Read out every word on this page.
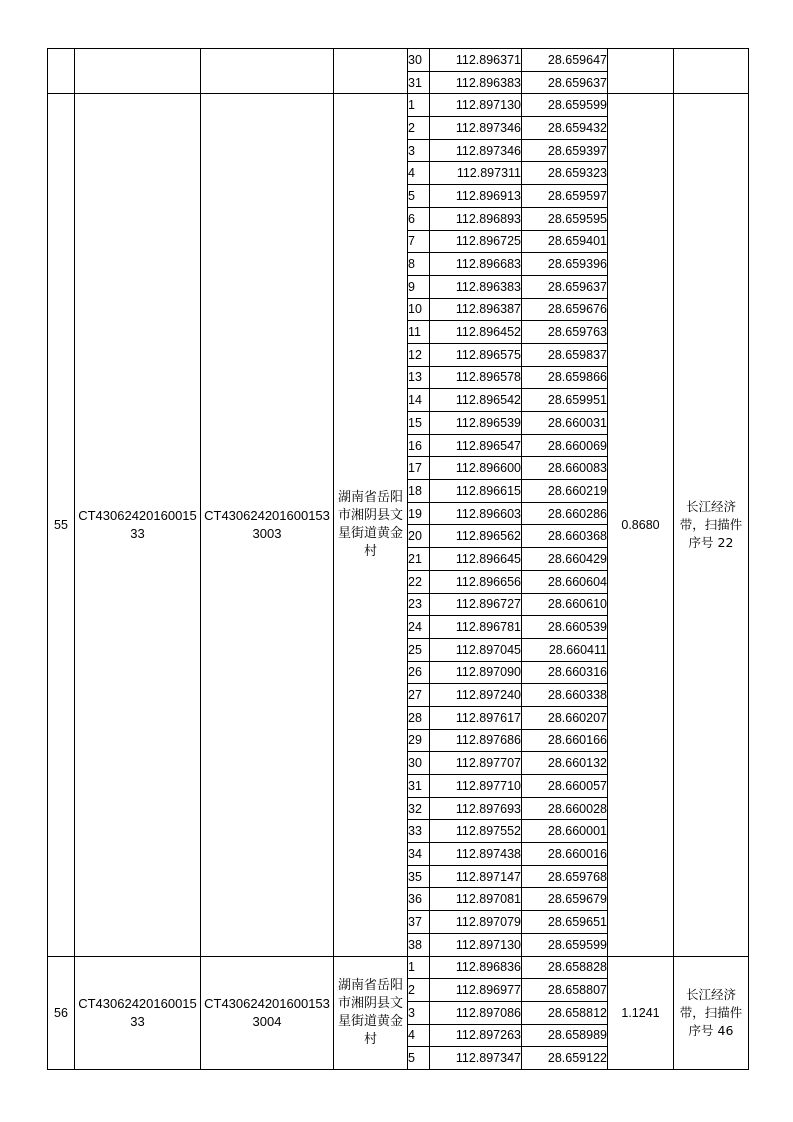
				30	112.896371	28.659647		
				31	112.896383	28.659637		
55	CT4306242016001533	CT4306242016001533003	湖南省岳阳市湘阴县文星街道黄金村	1	112.897130	28.659599	0.8680	长江经济带，扫描件序号 22
				2	112.897346	28.659432		
				3	112.897346	28.659397		
				4	112.897311	28.659323		
				5	112.896913	28.659597		
				6	112.896893	28.659595		
				7	112.896725	28.659401		
				8	112.896683	28.659396		
				9	112.896383	28.659637		
				10	112.896387	28.659676		
				11	112.896452	28.659763		
				12	112.896575	28.659837		
				13	112.896578	28.659866		
				14	112.896542	28.659951		
				15	112.896539	28.660031		
				16	112.896547	28.660069		
				17	112.896600	28.660083		
				18	112.896615	28.660219		
				19	112.896603	28.660286		
				20	112.896562	28.660368		
				21	112.896645	28.660429		
				22	112.896656	28.660604		
				23	112.896727	28.660610		
				24	112.896781	28.660539		
				25	112.897045	28.660411		
				26	112.897090	28.660316		
				27	112.897240	28.660338		
				28	112.897617	28.660207		
				29	112.897686	28.660166		
				30	112.897707	28.660132		
				31	112.897710	28.660057		
				32	112.897693	28.660028		
				33	112.897552	28.660001		
				34	112.897438	28.660016		
				35	112.897147	28.659768		
				36	112.897081	28.659679		
				37	112.897079	28.659651		
				38	112.897130	28.659599		
56	CT4306242016001533	CT4306242016001533004	湖南省岳阳市湘阴县文星街道黄金村	1	112.896836	28.658828	1.1241	长江经济带，扫描件序号 46
				2	112.896977	28.658807		
				3	112.897086	28.658812		
				4	112.897263	28.658989		
				5	112.897347	28.659122		
